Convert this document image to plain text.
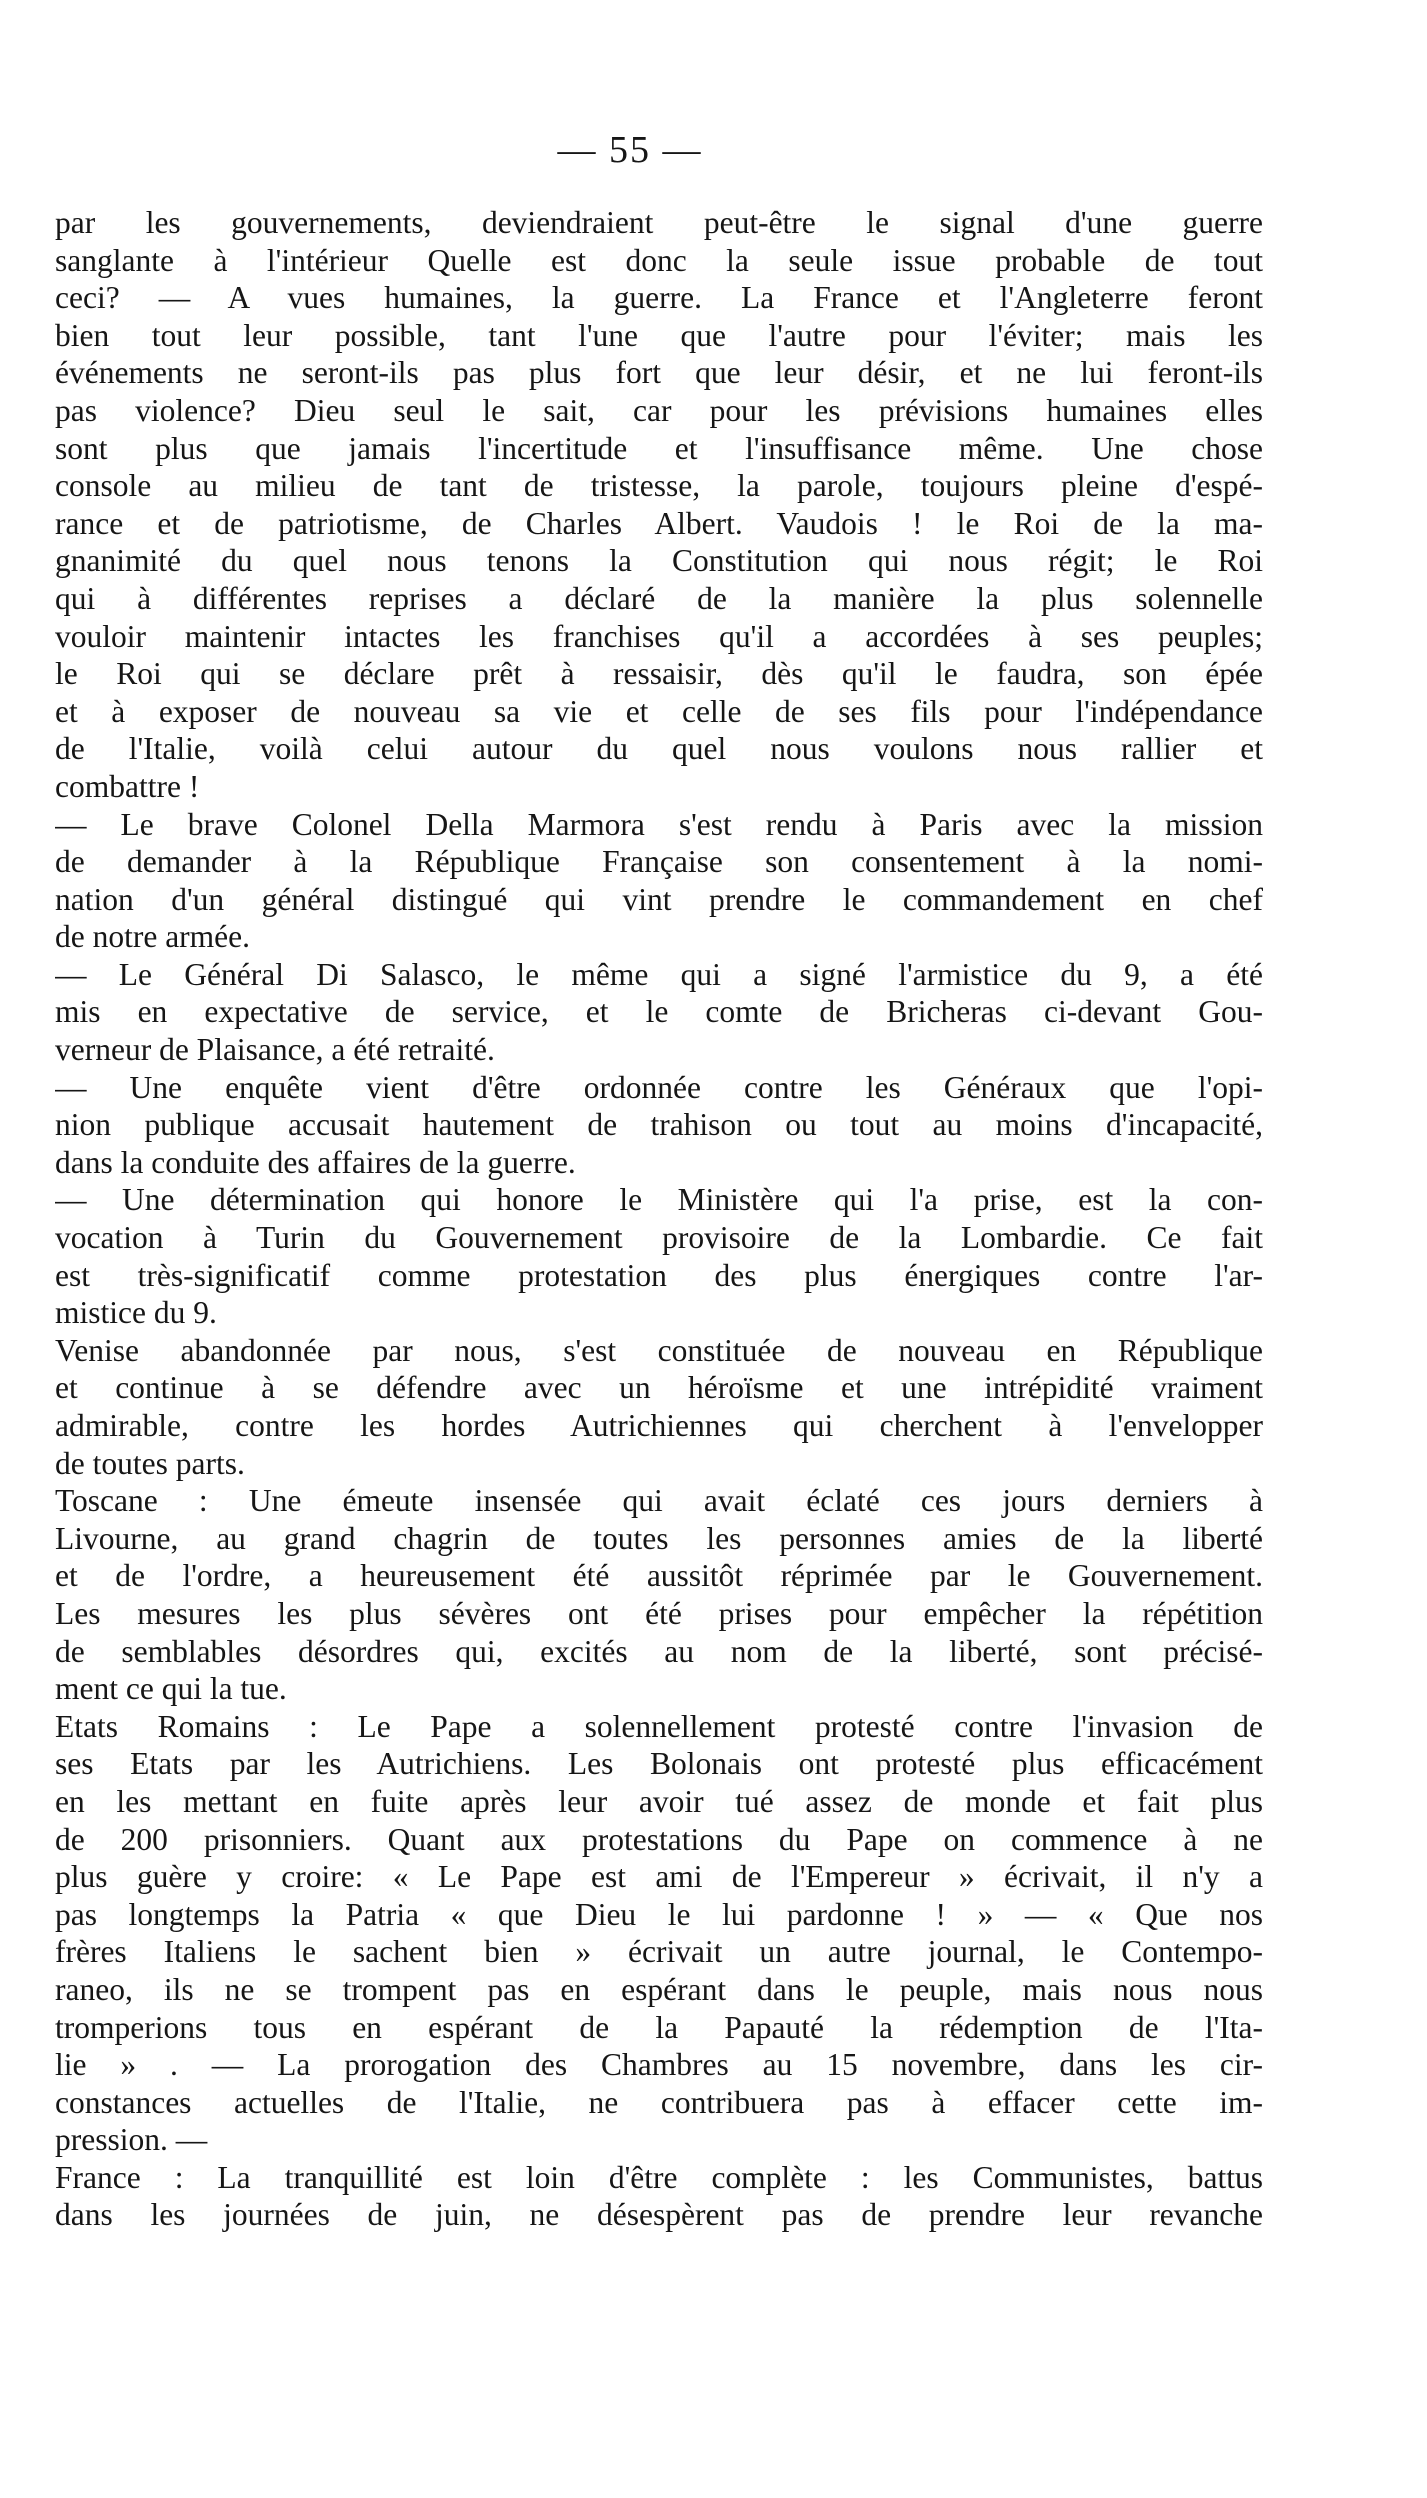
— 55 —
par les gouvernements, deviendraient peut-être le signal d'une guerre
sanglante à l'intérieur Quelle est donc la seule issue probable de tout
ceci? — A vues humaines, la guerre. La France et l'Angleterre feront
bien tout leur possible, tant l'une que l'autre pour l'éviter; mais les
événements ne seront-ils pas plus fort que leur désir, et ne lui feront-ils
pas violence? Dieu seul le sait, car pour les prévisions humaines elles
sont plus que jamais l'incertitude et l'insuffisance même. Une chose
console au milieu de tant de tristesse, la parole, toujours pleine d'espé-
rance et de patriotisme, de Charles Albert. Vaudois ! le Roi de la ma-
gnanimité du quel nous tenons la Constitution qui nous régit; le Roi
qui à différentes reprises a déclaré de la manière la plus solennelle
vouloir maintenir intactes les franchises qu'il a accordées à ses peuples;
le Roi qui se déclare prêt à ressaisir, dès qu'il le faudra, son épée
et à exposer de nouveau sa vie et celle de ses fils pour l'indépendance
de l'Italie, voilà celui autour du quel nous voulons nous rallier et
combattre !
— Le brave Colonel Della Marmora s'est rendu à Paris avec la mission
de demander à la République Française son consentement à la nomi-
nation d'un général distingué qui vint prendre le commandement en chef
de notre armée.
— Le Général Di Salasco, le même qui a signé l'armistice du 9, a été
mis en expectative de service, et le comte de Bricheras ci-devant Gou-
verneur de Plaisance, a été retraité.
— Une enquête vient d'être ordonnée contre les Généraux que l'opi-
nion publique accusait hautement de trahison ou tout au moins d'incapacité,
dans la conduite des affaires de la guerre.
— Une détermination qui honore le Ministère qui l'a prise, est la con-
vocation à Turin du Gouvernement provisoire de la Lombardie. Ce fait
est très-significatif comme protestation des plus énergiques contre l'ar-
mistice du 9.
Venise abandonnée par nous, s'est constituée de nouveau en République
et continue à se défendre avec un héroïsme et une intrépidité vraiment
admirable, contre les hordes Autrichiennes qui cherchent à l'envelopper
de toutes parts.
Toscane : Une émeute insensée qui avait éclaté ces jours derniers à
Livourne, au grand chagrin de toutes les personnes amies de la liberté
et de l'ordre, a heureusement été aussitôt réprimée par le Gouvernement.
Les mesures les plus sévères ont été prises pour empêcher la répétition
de semblables désordres qui, excités au nom de la liberté, sont précisé-
ment ce qui la tue.
Etats Romains : Le Pape a solennellement protesté contre l'invasion de
ses Etats par les Autrichiens. Les Bolonais ont protesté plus efficacément
en les mettant en fuite après leur avoir tué assez de monde et fait plus
de 200 prisonniers. Quant aux protestations du Pape on commence à ne
plus guère y croire: « Le Pape est ami de l'Empereur » écrivait, il n'y a
pas longtemps la Patria « que Dieu le lui pardonne ! » — « Que nos
frères Italiens le sachent bien » écrivait un autre journal, le Contempo-
raneo, ils ne se trompent pas en espérant dans le peuple, mais nous nous
tromperions tous en espérant de la Papauté la rédemption de l'Ita-
lie » . — La prorogation des Chambres au 15 novembre, dans les cir-
constances actuelles de l'Italie, ne contribuera pas à effacer cette im-
pression. —
France : La tranquillité est loin d'être complète : les Communistes, battus
dans les journées de juin, ne désespèrent pas de prendre leur revanche
